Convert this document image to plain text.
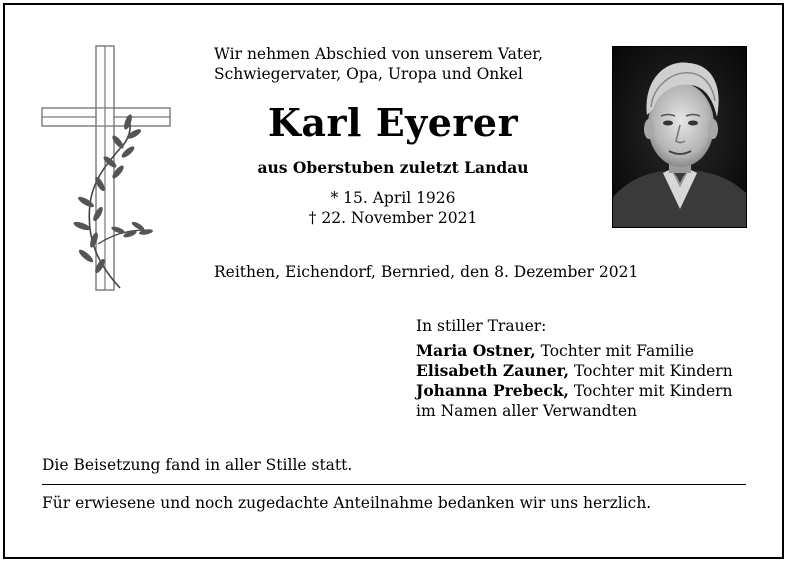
Wir nehmen Abschied von unserem Vater,
Schwiegervater, Opa, Uropa und Onkel
Karl Eyerer
aus Oberstuben zuletzt Landau
* 15. April 1926
† 22. November 2021
Reithen, Eichendorf, Bernried, den 8. Dezember 2021
In stiller Trauer:
Maria Ostner, Tochter mit Familie
Elisabeth Zauner, Tochter mit Kindern
Johanna Prebeck, Tochter mit Kindern
im Namen aller Verwandten
Die Beisetzung fand in aller Stille statt.
Für erwiesene und noch zugedachte Anteilnahme bedanken wir uns herzlich.
